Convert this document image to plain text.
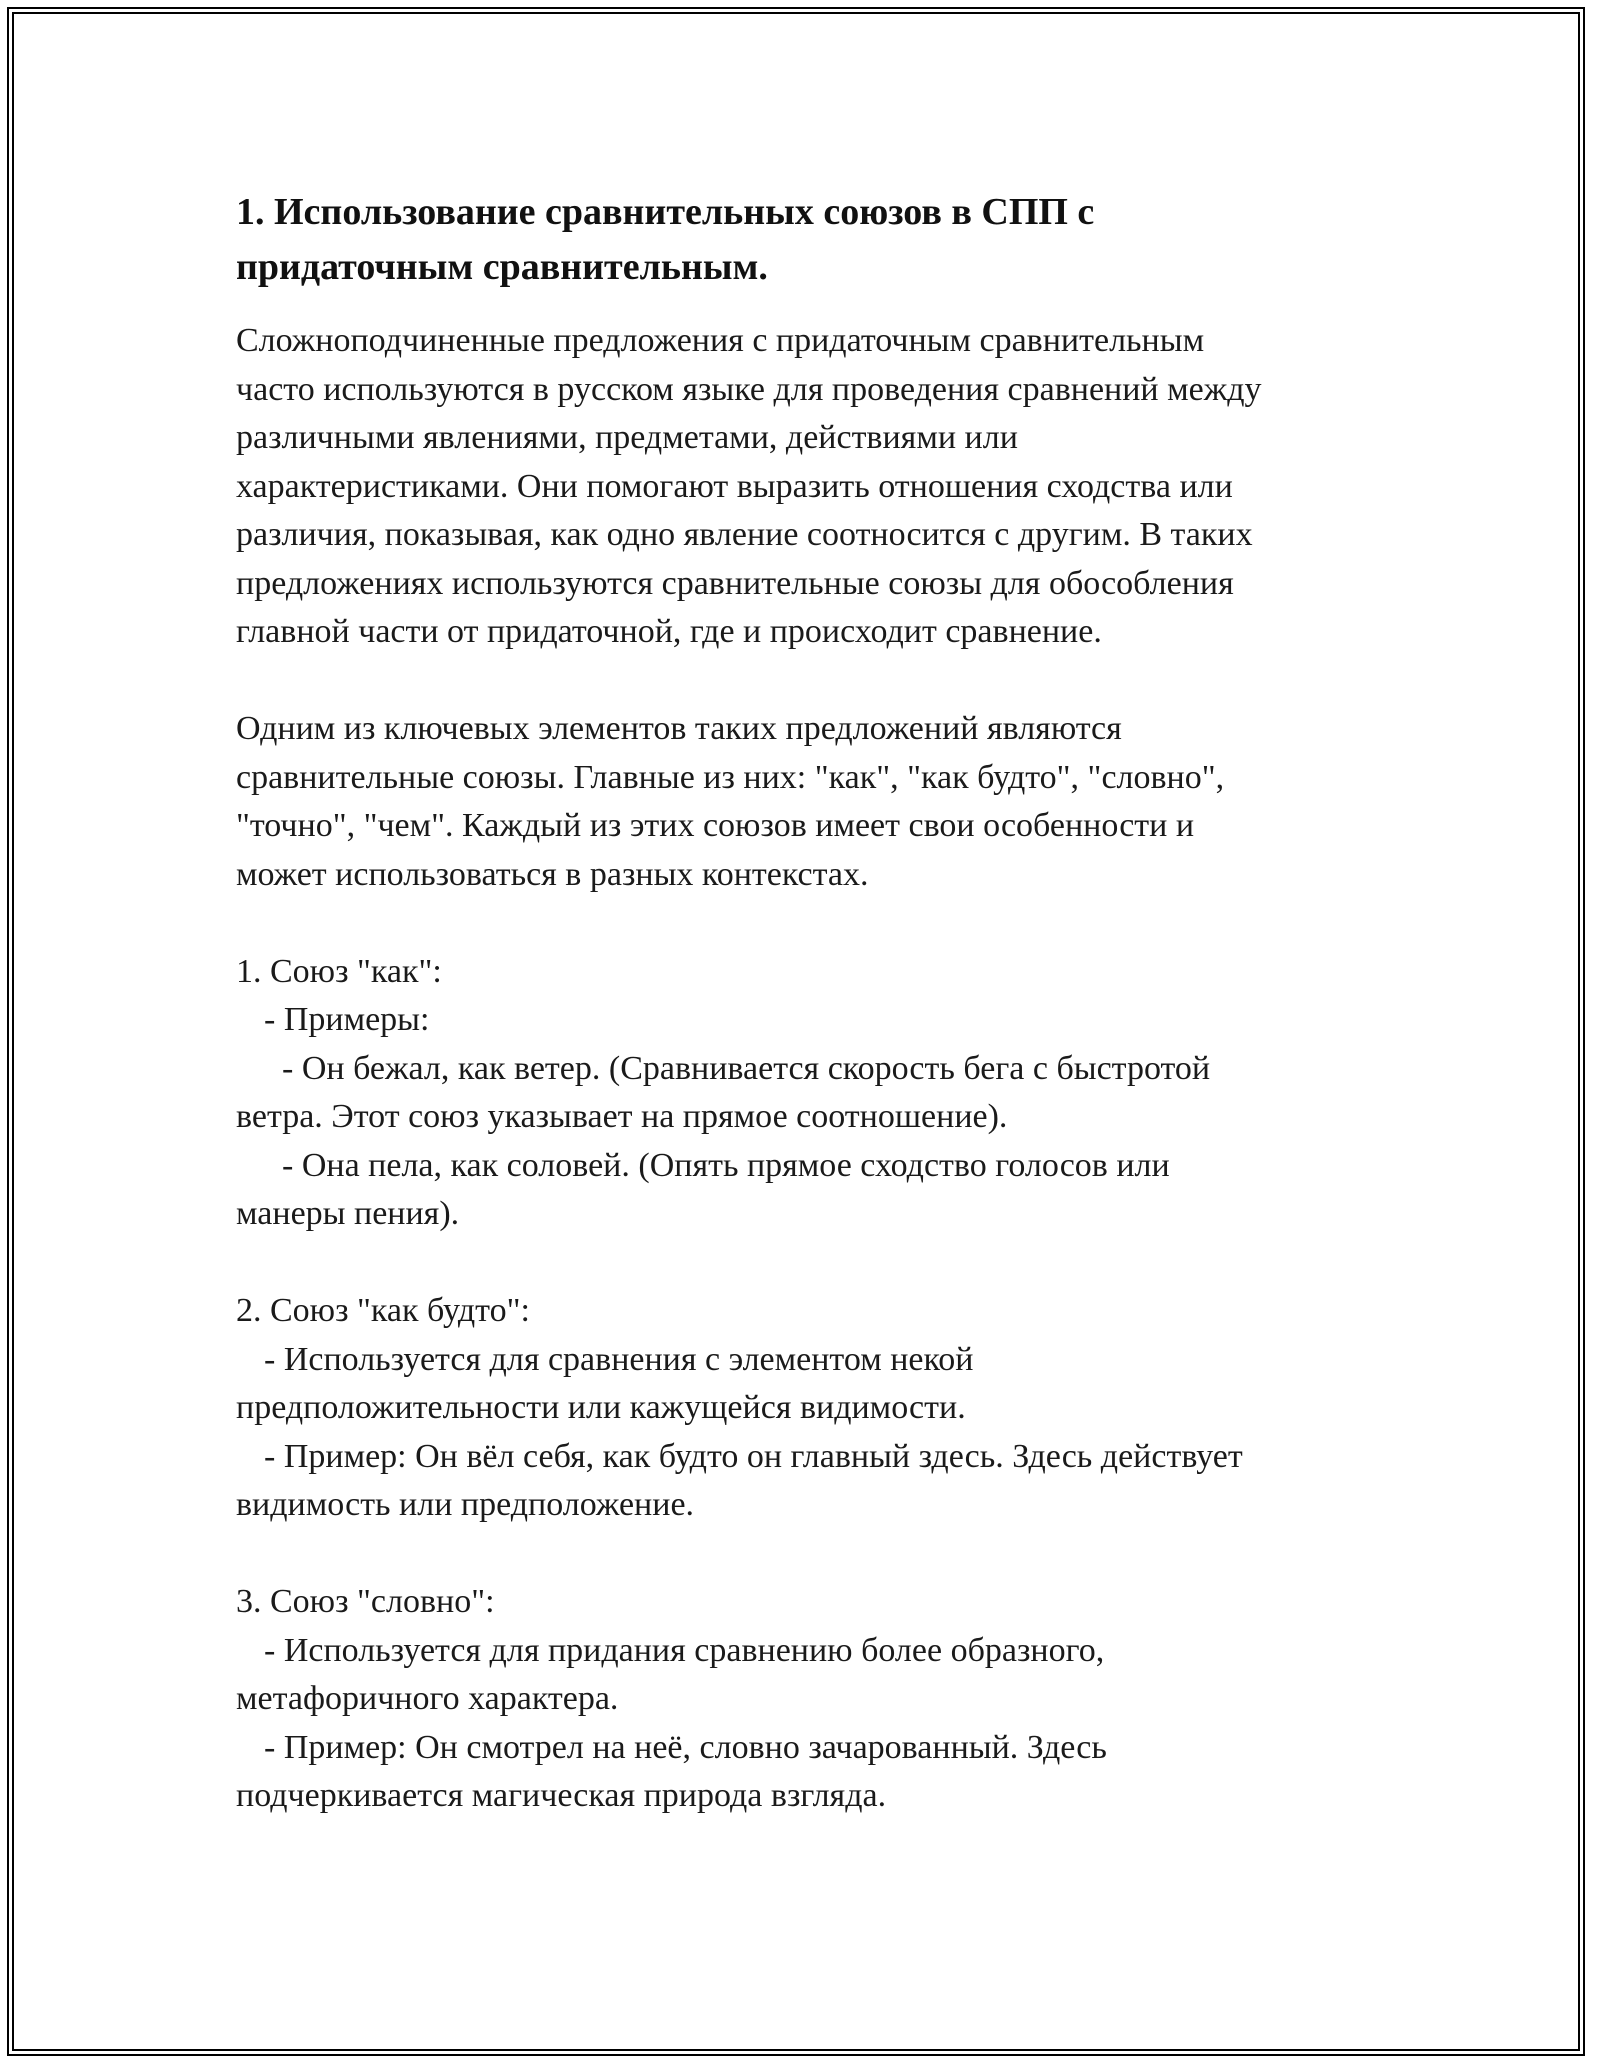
1. Использование сравнительных союзов в СПП с
придаточным сравнительным.
Сложноподчиненные предложения с придаточным сравнительным
часто используются в русском языке для проведения сравнений между
различными явлениями, предметами, действиями или
характеристиками. Они помогают выразить отношения сходства или
различия, показывая, как одно явление соотносится с другим. В таких
предложениях используются сравнительные союзы для обособления
главной части от придаточной, где и происходит сравнение.
Одним из ключевых элементов таких предложений являются
сравнительные союзы. Главные из них: "как", "как будто", "словно",
"точно", "чем". Каждый из этих союзов имеет свои особенности и
может использоваться в разных контекстах.
1. Союз "как":
- Примеры:
- Он бежал, как ветер. (Сравнивается скорость бега с быстротой
ветра. Этот союз указывает на прямое соотношение).
- Она пела, как соловей. (Опять прямое сходство голосов или
манеры пения).
2. Союз "как будто":
- Используется для сравнения с элементом некой
предположительности или кажущейся видимости.
- Пример: Он вёл себя, как будто он главный здесь. Здесь действует
видимость или предположение.
3. Союз "словно":
- Используется для придания сравнению более образного,
метафоричного характера.
- Пример: Он смотрел на неё, словно зачарованный. Здесь
подчеркивается магическая природа взгляда.
